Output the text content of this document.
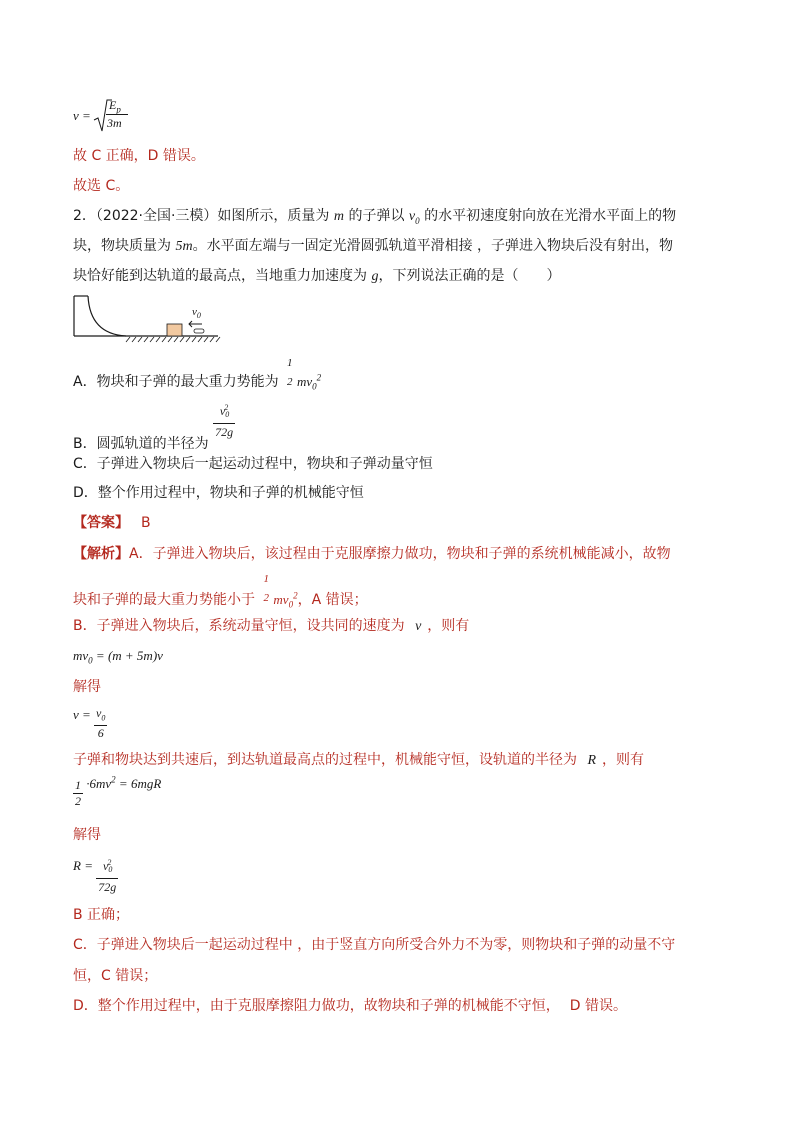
v =
$E_p$
3m
故 C 正确，D 错误。
故选 C。
2．（2022·全国·三模）如图所示，质量为 m 的子弹以 $v_0$ 的水平初速度射向放在光滑水平面上的物
块，物块质量为 5m。水平面左端与一固定光滑圆弧轨道平滑相接 ，子弹进入物块后没有射出，物
块恰好能到达轨道的最高点，当地重力加速度为 g，下列说法正确的是（　　）
$v_0$
A．物块和子弹的最大重力势能为 1
2 $mv_0^2$
B．圆弧轨道的半径为
$\frac{v_0^2}{72g}$
C．子弹进入物块后一起运动过程中，物块和子弹动量守恒
D．整个作用过程中，物块和子弹的机械能守恒
【答案】 B
【解析】A．子弹进入物块后，该过程由于克服摩擦力做功，物块和子弹的系统机械能减小，故物
块和子弹的最大重力势能小于 1
2 $mv_0^2$，A 错误；
B．子弹进入物块后，系统动量守恒，设共同的速度为 v ，则有
$mv_0 = (m + 5m)v$
解得
$v = \frac{v_0}{6}$
子弹和物块达到共速后，到达轨道最高点的过程中，机械能守恒，设轨道的半径为 R ，则有
$\frac{1}{2} \cdot 6mv^2 = 6mgR$
解得
$R = \frac{v_0^2}{72g}$
B 正确；
C．子弹进入物块后一起运动过程中 ，由于竖直方向所受合外力不为零，则物块和子弹的动量不守
恒，C 错误；
D．整个作用过程中，由于克服摩擦阻力做功，故物块和子弹的机械能不守恒， D 错误。
